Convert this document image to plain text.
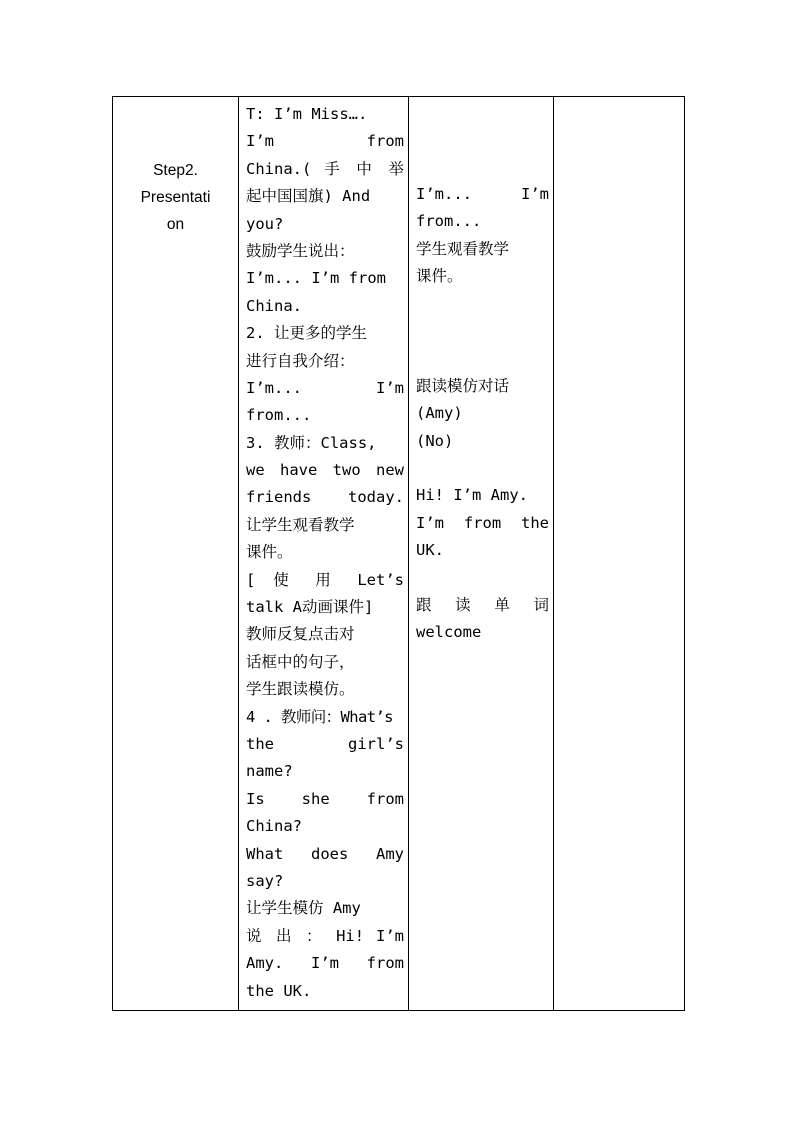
Step2.
Presentati
on
T: I’m Miss….
I’m from
China.( 手 中 举
起中国国旗) And
you?
鼓励学生说出：
I’m... I’m from
China.
2. 让更多的学生
进行自我介绍：
I’m... I’m
from...
3. 教师：Class,
we have two new
friends today.
让学生观看教学
课件。
[ 使 用 Let’s
talk A动画课件]
教师反复点击对
话框中的句子，
学生跟读模仿。
4 . 教师问：What’s
the girl’s
name?
Is she from
China?
What does Amy
say?
让学生模仿 Amy
说 出 ： Hi! I’m
Amy. I’m from
the UK.
I’m... I’m
from...
学生观看教学
课件。
跟读模仿对话
(Amy)
(No)
Hi! I’m Amy.
I’m from the
UK.
跟 读 单 词
welcome
